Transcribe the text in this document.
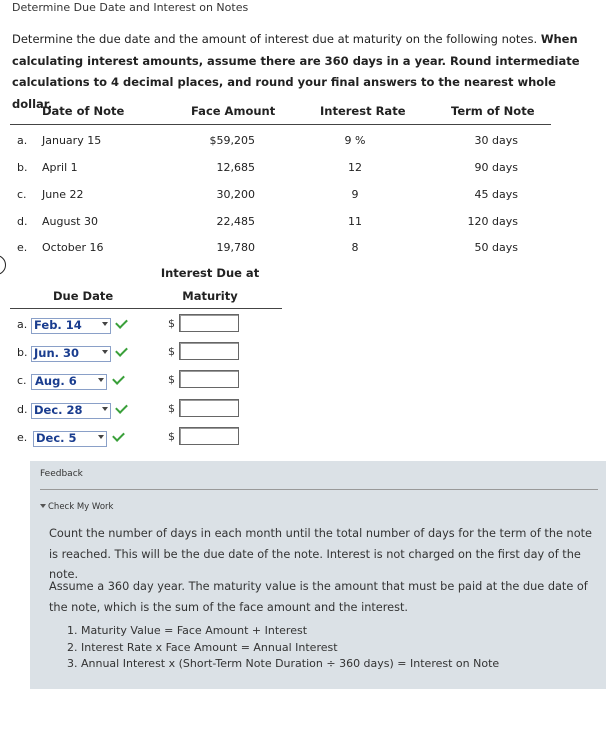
Determine Due Date and Interest on Notes
Determine the due date and the amount of interest due at maturity on the following notes. When calculating interest amounts, assume there are 360 days in a year. Round intermediate calculations to 4 decimal places, and round your final answers to the nearest whole dollar.
Date of Note	Face Amount	Interest Rate	Term of Note
a. January 15	$59,205	9 %	30 days
b. April 1	12,685	12	90 days
c. June 22	30,200	9	45 days
d. August 30	22,485	11	120 days
e. October 16	19,780	8	50 days
Interest Due at
Maturity
Due Date
a. Feb. 14	$
b. Jun. 30	$
c. Aug. 6	$
d. Dec. 28	$
e. Dec. 5	$
Feedback
Check My Work
Count the number of days in each month until the total number of days for the term of the note is reached. This will be the due date of the note. Interest is not charged on the first day of the note.
Assume a 360 day year. The maturity value is the amount that must be paid at the due date of the note, which is the sum of the face amount and the interest.
1. Maturity Value = Face Amount + Interest
2. Interest Rate x Face Amount = Annual Interest
3. Annual Interest x (Short-Term Note Duration ÷ 360 days) = Interest on Note
